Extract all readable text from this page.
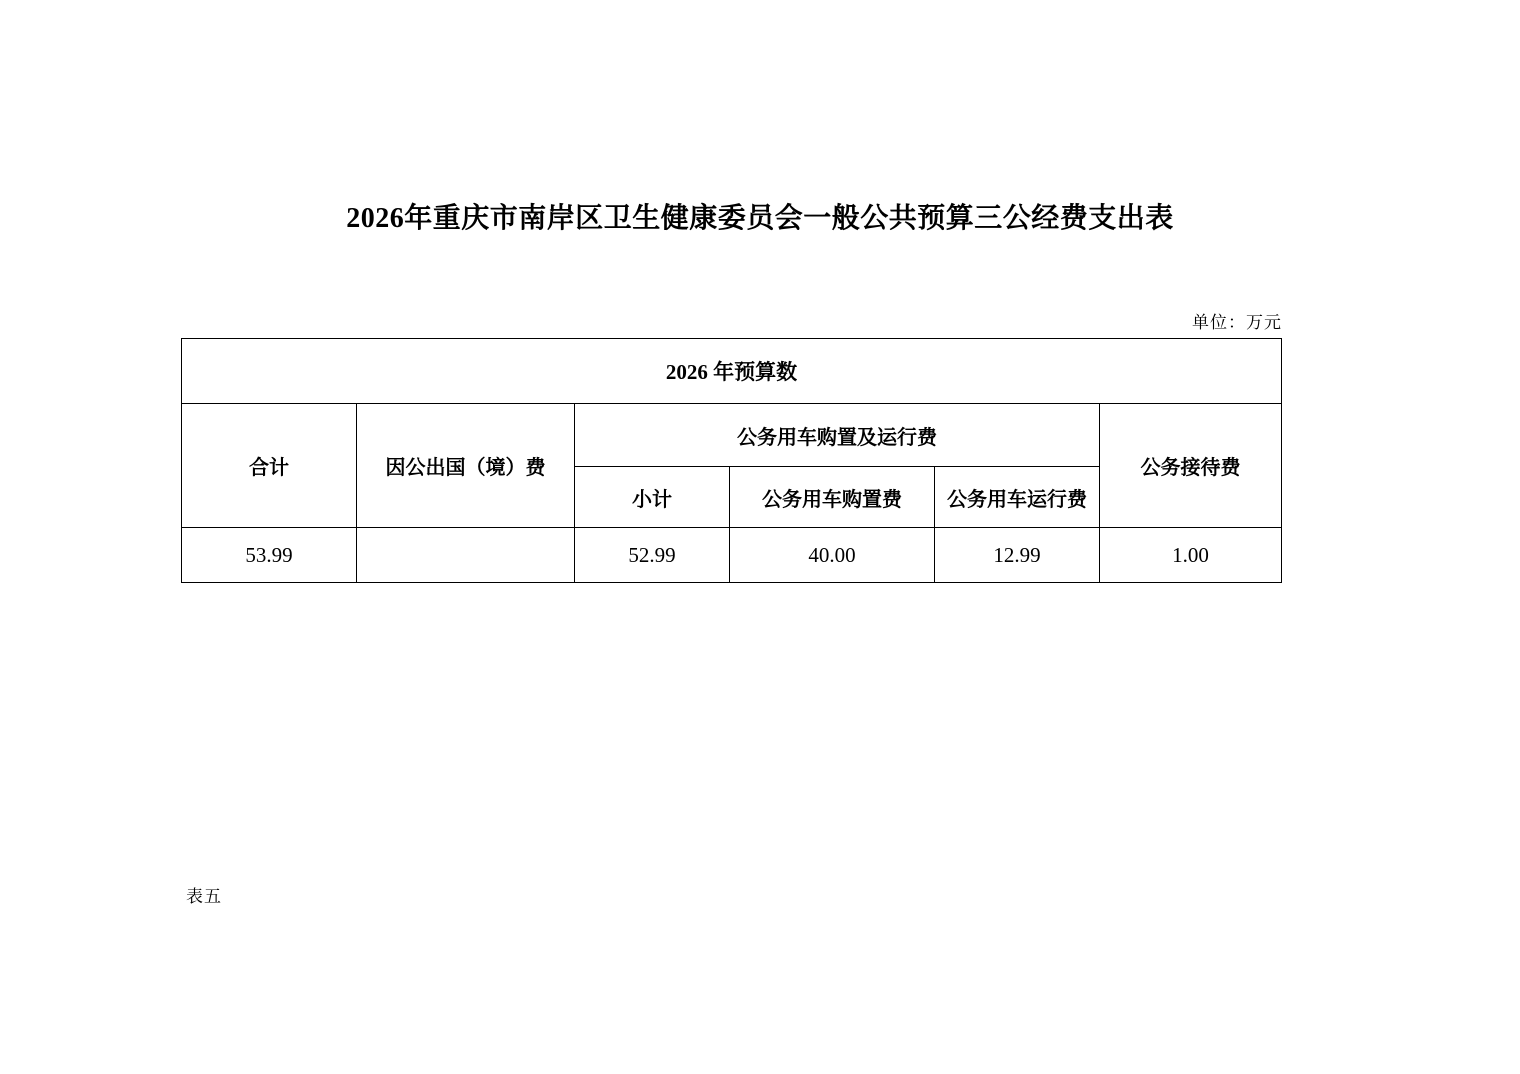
2026年重庆市南岸区卫生健康委员会一般公共预算三公经费支出表
单位：万元
2026 年预算数					
合计	因公出国（境）费	公务用车购置及运行费			公务接待费
		小计	公务用车购置费	公务用车运行费	
53.99		52.99	40.00	12.99	1.00
表五
